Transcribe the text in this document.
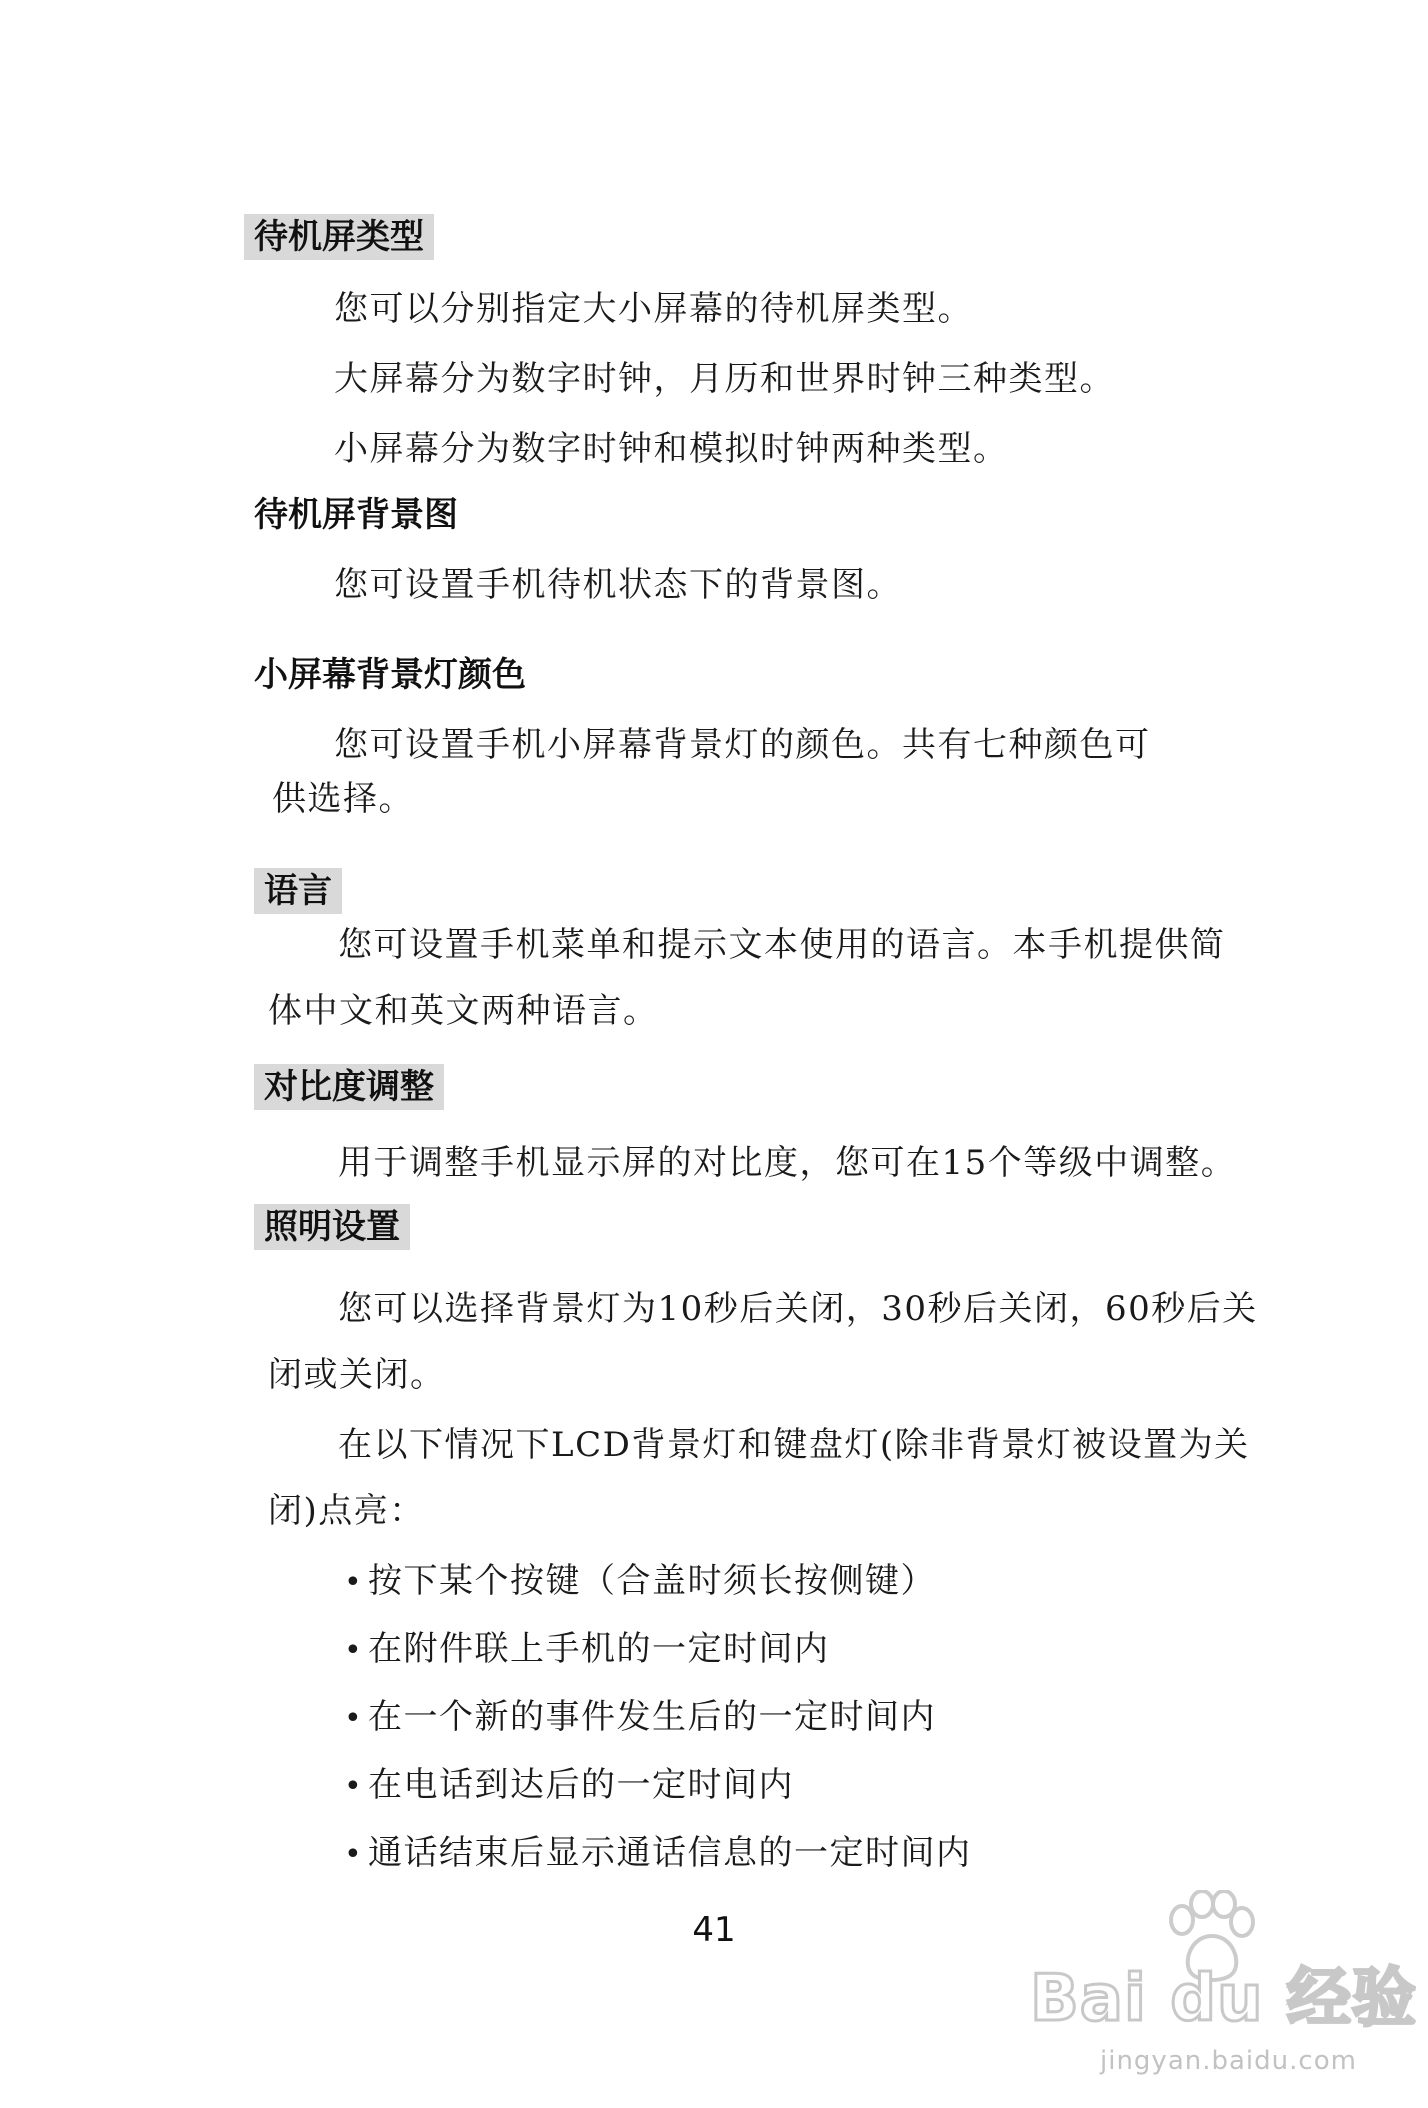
待机屏类型
您可以分别指定大小屏幕的待机屏类型。
大屏幕分为数字时钟，月历和世界时钟三种类型。
小屏幕分为数字时钟和模拟时钟两种类型。
待机屏背景图
您可设置手机待机状态下的背景图。
小屏幕背景灯颜色
您可设置手机小屏幕背景灯的颜色。共有七种颜色可
供选择。
语言
您可设置手机菜单和提示文本使用的语言。本手机提供简
体中文和英文两种语言。
对比度调整
用于调整手机显示屏的对比度，您可在15个等级中调整。
照明设置
您可以选择背景灯为10秒后关闭，30秒后关闭，60秒后关
闭或关闭。
在以下情况下LCD背景灯和键盘灯(除非背景灯被设置为关
闭)点亮：
• 按下某个按键（合盖时须长按侧键）
• 在附件联上手机的一定时间内
• 在一个新的事件发生后的一定时间内
• 在电话到达后的一定时间内
• 通话结束后显示通话信息的一定时间内
41
Bai du 经验
jingyan.baidu.com
